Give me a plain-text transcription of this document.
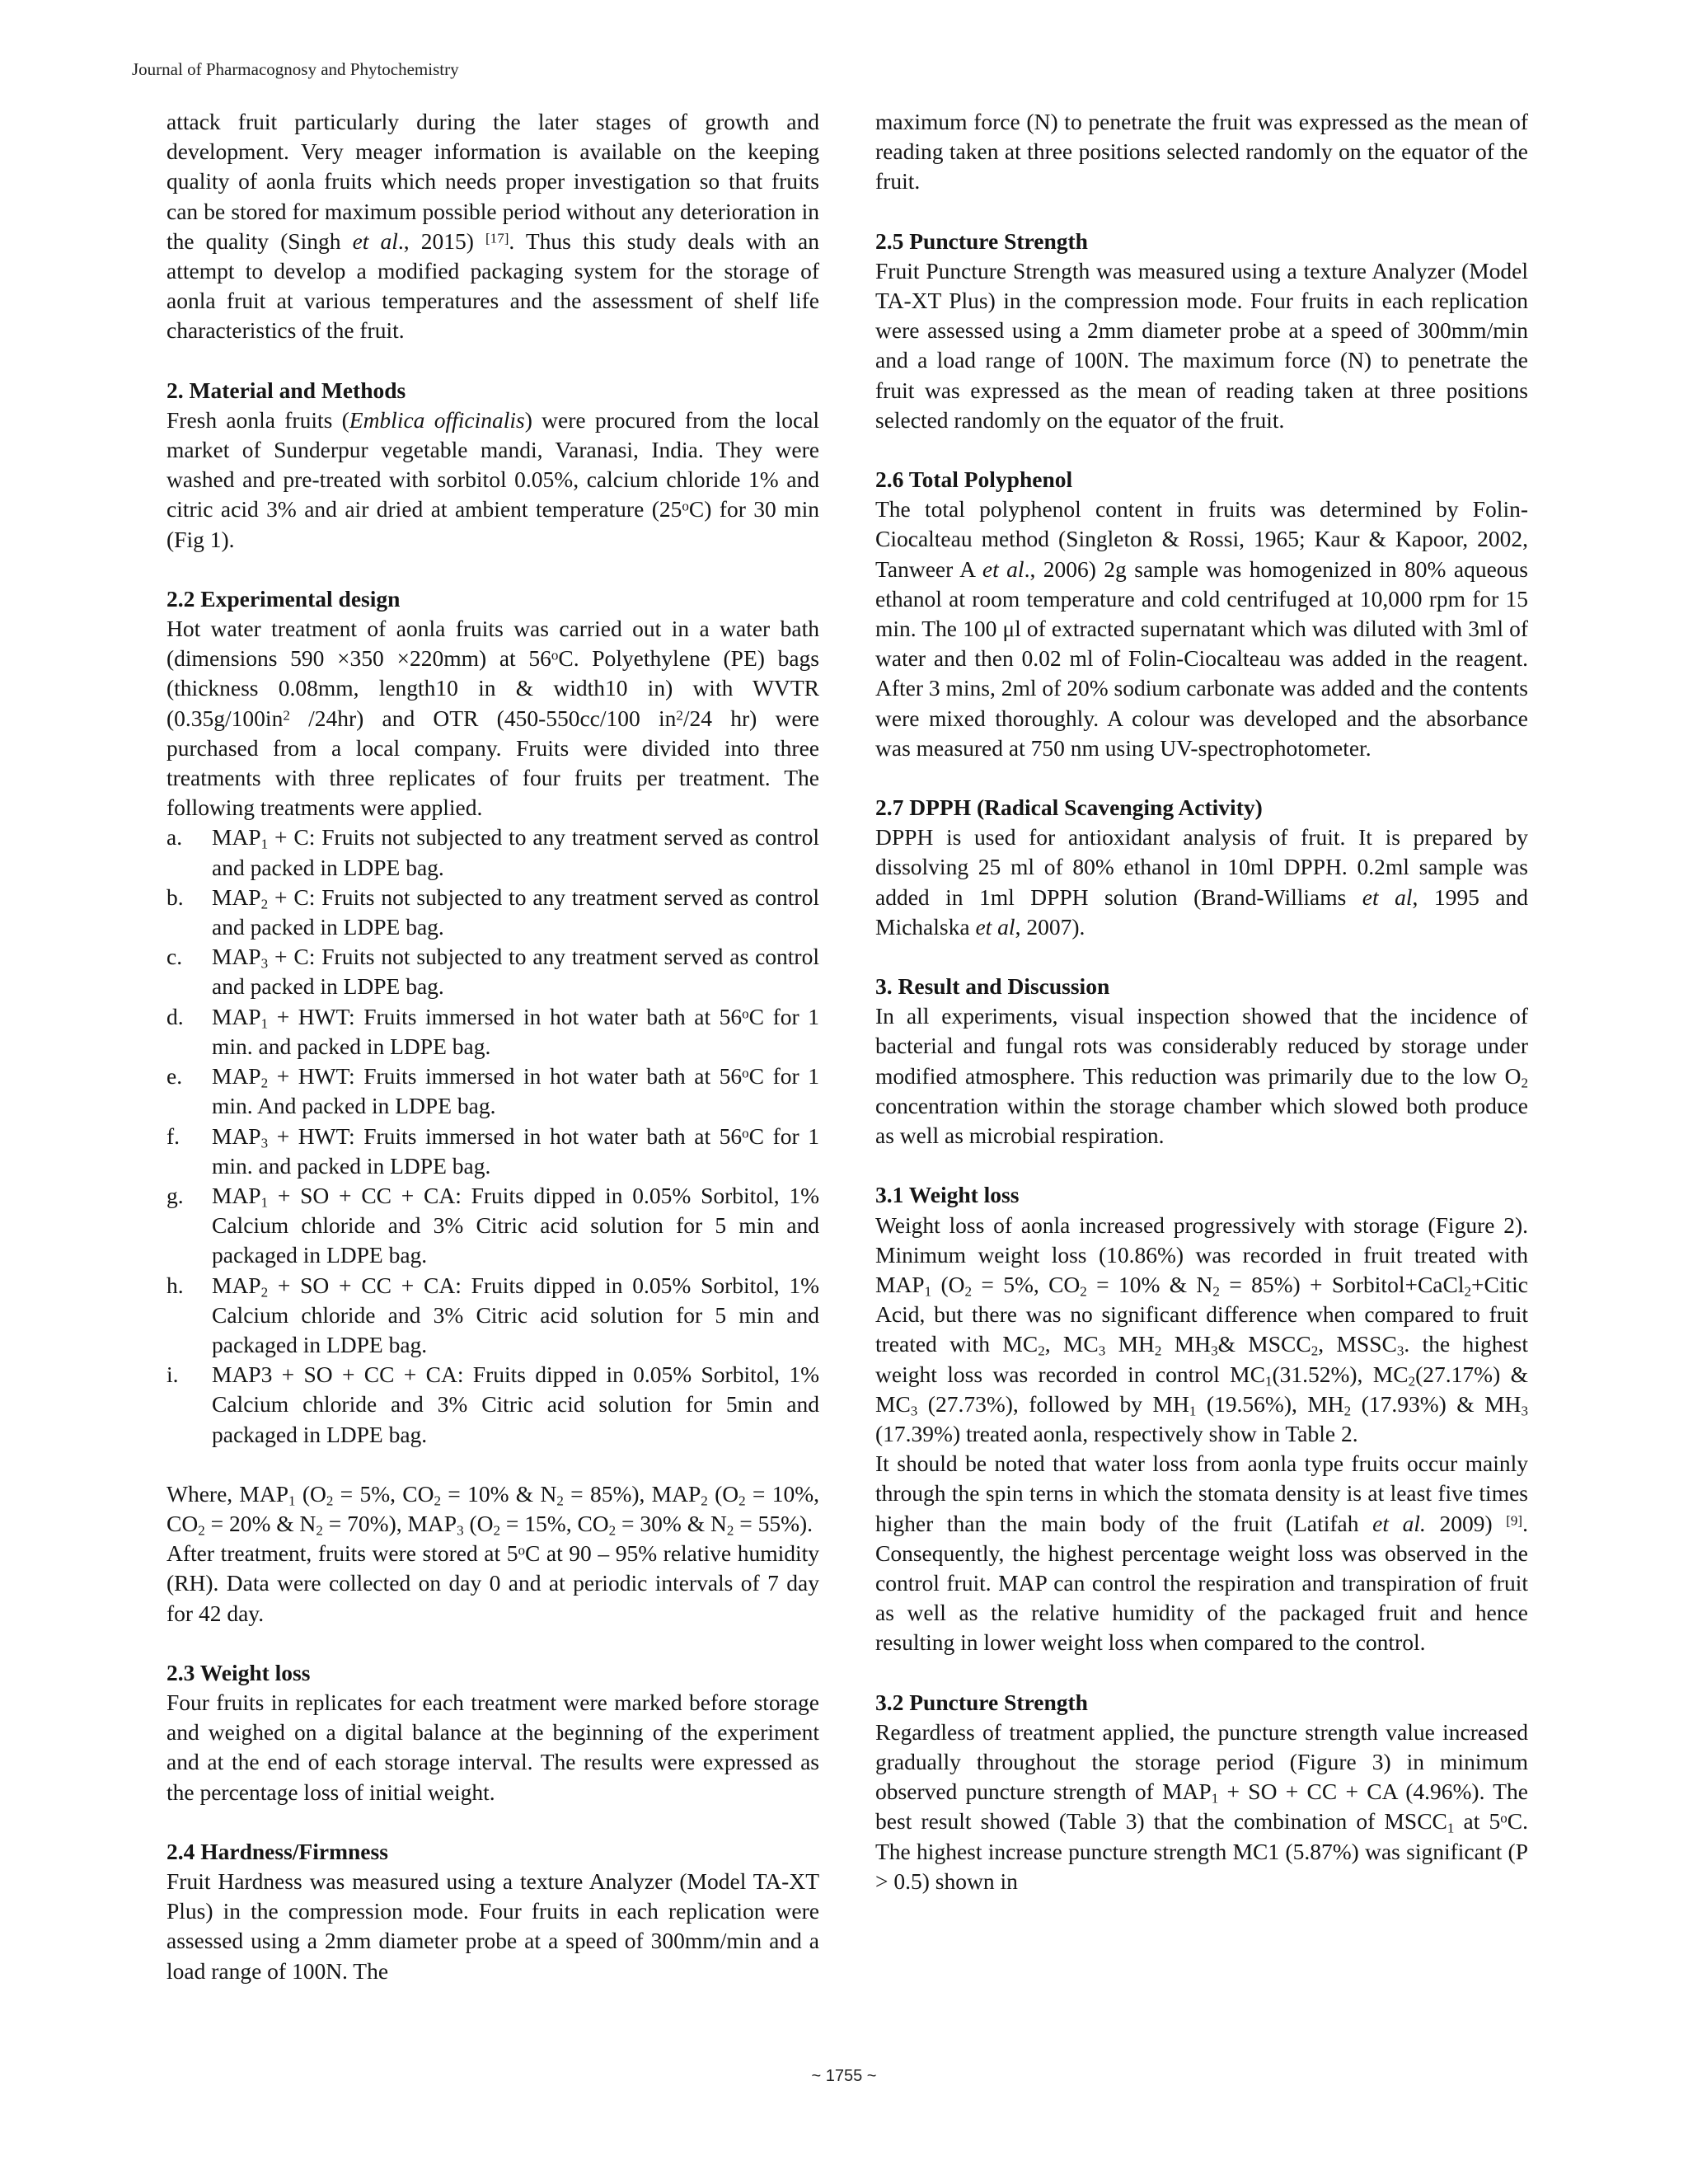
Journal of Pharmacognosy and Phytochemistry

attack fruit particularly during the later stages of growth and development. Very meager information is available on the keeping quality of aonla fruits which needs proper investigation so that fruits can be stored for maximum possible period without any deterioration in the quality (Singh et al., 2015) [17]. Thus this study deals with an attempt to develop a modified packaging system for the storage of aonla fruit at various temperatures and the assessment of shelf life characteristics of the fruit.

2. Material and Methods

Fresh aonla fruits (Emblica officinalis) were procured from the local market of Sunderpur vegetable mandi, Varanasi, India. They were washed and pre-treated with sorbitol 0.05%, calcium chloride 1% and citric acid 3% and air dried at ambient temperature (25$^o$C) for 30 min (Fig 1).

2.2 Experimental design

Hot water treatment of aonla fruits was carried out in a water bath (dimensions 590 ×350 ×220mm) at 56$^o$C. Polyethylene (PE) bags (thickness 0.08mm, length10 in & width10 in) with WVTR ($0.35g/100in^2$ /24hr) and OTR (450-550cc/100 $in^2/24$ hr) were purchased from a local company. Fruits were divided into three treatments with three replicates of four fruits per treatment. The following treatments were applied.

a.	$MAP_1 + C$: Fruits not subjected to any treatment served as control and packed in LDPE bag.
b.	$MAP_2 + C$: Fruits not subjected to any treatment served as control and packed in LDPE bag.
c.	$MAP_3 + C$: Fruits not subjected to any treatment served as control and packed in LDPE bag.
d.	$MAP_1$ + HWT: Fruits immersed in hot water bath at 56$^o$C for 1 min. and packed in LDPE bag.
e.	$MAP_2$ + HWT: Fruits immersed in hot water bath at 56$^o$C for 1 min. And packed in LDPE bag.
f.	$MAP_3$ + HWT: Fruits immersed in hot water bath at 56$^o$C for 1 min. and packed in LDPE bag.
g.	$MAP_1$ + SO + CC + CA: Fruits dipped in 0.05% Sorbitol, 1% Calcium chloride and 3% Citric acid solution for 5 min and packaged in LDPE bag.
h.	$MAP_2$ + SO + CC + CA: Fruits dipped in 0.05% Sorbitol, 1% Calcium chloride and 3% Citric acid solution for 5 min and packaged in LDPE bag.
i.	MAP3 + SO + CC + CA: Fruits dipped in 0.05% Sorbitol, 1% Calcium chloride and 3% Citric acid solution for 5min and packaged in LDPE bag.

Where, $MAP_1$ ($O_2 = 5\%$, $CO_2 = 10\%$ & $N_2 = 85\%$), $MAP_2$ ($O_2 = 10\%$, $CO_2 = 20\%$ & $N_2 = 70\%$), $MAP_3$ ($O_2 = 15\%$, $CO_2 = 30\%$ & $N_2 = 55\%$).

After treatment, fruits were stored at 5$^o$C at 90 – 95% relative humidity (RH). Data were collected on day 0 and at periodic intervals of 7 day for 42 day.

2.3 Weight loss

Four fruits in replicates for each treatment were marked before storage and weighed on a digital balance at the beginning of the experiment and at the end of each storage interval. The results were expressed as the percentage loss of initial weight.

2.4 Hardness/Firmness

Fruit Hardness was measured using a texture Analyzer (Model TA-XT Plus) in the compression mode. Four fruits in each replication were assessed using a 2mm diameter probe at a speed of 300mm/min and a load range of 100N. The

maximum force (N) to penetrate the fruit was expressed as the mean of reading taken at three positions selected randomly on the equator of the fruit.

2.5 Puncture Strength

Fruit Puncture Strength was measured using a texture Analyzer (Model TA-XT Plus) in the compression mode. Four fruits in each replication were assessed using a 2mm diameter probe at a speed of 300mm/min and a load range of 100N. The maximum force (N) to penetrate the fruit was expressed as the mean of reading taken at three positions selected randomly on the equator of the fruit.

2.6 Total Polyphenol

The total polyphenol content in fruits was determined by Folin-Ciocalteau method (Singleton & Rossi, 1965; Kaur & Kapoor, 2002, Tanweer A et al., 2006) 2g sample was homogenized in 80% aqueous ethanol at room temperature and cold centrifuged at 10,000 rpm for 15 min. The 100 μl of extracted supernatant which was diluted with 3ml of water and then 0.02 ml of Folin-Ciocalteau was added in the reagent. After 3 mins, 2ml of 20% sodium carbonate was added and the contents were mixed thoroughly. A colour was developed and the absorbance was measured at 750 nm using UV-spectrophotometer.

2.7 DPPH (Radical Scavenging Activity)

DPPH is used for antioxidant analysis of fruit. It is prepared by dissolving 25 ml of 80% ethanol in 10ml DPPH. 0.2ml sample was added in 1ml DPPH solution (Brand-Williams et al, 1995 and Michalska et al, 2007).

3. Result and Discussion

In all experiments, visual inspection showed that the incidence of bacterial and fungal rots was considerably reduced by storage under modified atmosphere. This reduction was primarily due to the low $O_2$ concentration within the storage chamber which slowed both produce as well as microbial respiration.

3.1 Weight loss

Weight loss of aonla increased progressively with storage (Figure 2). Minimum weight loss (10.86%) was recorded in fruit treated with $MAP_1$ ($O_2 = 5\%$, $CO_2 = 10\%$ & $N_2 = 85\%$) + Sorbitol+CaCl$_2$+Citic Acid, but there was no significant difference when compared to fruit treated with $MC_2$, $MC_3$ $MH_2$ $MH_3\&$ $MSCC_2$, $MSSC_3$. the highest weight loss was recorded in control $MC_1(31.52\%)$, $MC_2(27.17\%)$ & $MC_3$ (27.73%), followed by $MH_1$ (19.56%), $MH_2$ (17.93%) & $MH_3$ (17.39%) treated aonla, respectively show in Table 2.

It should be noted that water loss from aonla type fruits occur mainly through the spin terns in which the stomata density is at least five times higher than the main body of the fruit (Latifah et al. 2009) [9]. Consequently, the highest percentage weight loss was observed in the control fruit. MAP can control the respiration and transpiration of fruit as well as the relative humidity of the packaged fruit and hence resulting in lower weight loss when compared to the control.

3.2 Puncture Strength

Regardless of treatment applied, the puncture strength value increased gradually throughout the storage period (Figure 3) in minimum observed puncture strength of $MAP_1$ + SO + CC + CA (4.96%). The best result showed (Table 3) that the combination of $MSCC_1$ at 5$^o$C. The highest increase puncture strength MC1 (5.87%) was significant (P > 0.5) shown in

~ 1755 ~
